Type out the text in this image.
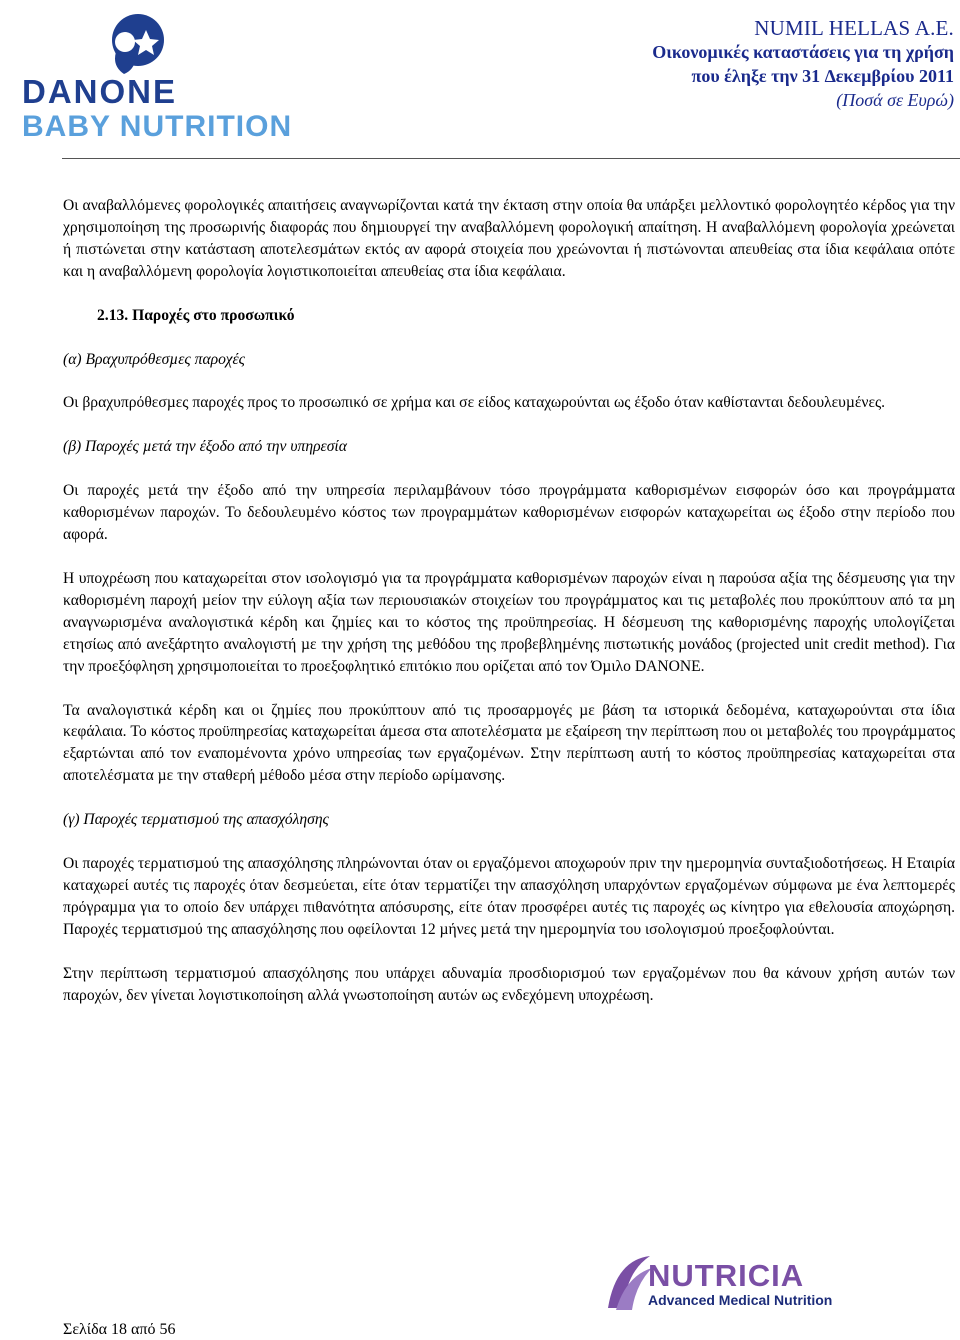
DANONE
BABY NUTRITION
NUMIL HELLAS A.E.
Οικονοµικές καταστάσεις για τη χρήση
που έληξε την 31 ∆εκεµβρίου 2011
(Ποσά σε Ευρώ)

Οι αναβαλλόµενες φορολογικές απαιτήσεις αναγνωρίζονται κατά την έκταση στην οποία θα υπάρξει µελλοντικό φορολογητέο κέρδος για την χρησιµοποίηση της προσωρινής διαφοράς που δηµιουργεί την αναβαλλόµενη φορολογική απαίτηση. Η αναβαλλόµενη φορολογία χρεώνεται ή πιστώνεται στην κατάσταση αποτελεσµάτων εκτός αν αφορά στοιχεία που χρεώνονται ή πιστώνονται απευθείας στα ίδια κεφάλαια οπότε και η αναβαλλόµενη φορολογία λογιστικοποιείται απευθείας στα ίδια κεφάλαια.

2.13. Παροχές στο προσωπικό

(α) Βραχυπρόθεσµες παροχές

Οι βραχυπρόθεσµες παροχές προς το προσωπικό σε χρήµα και σε είδος καταχωρούνται ως έξοδο όταν καθίστανται δεδουλευµένες.

(β) Παροχές µετά την έξοδο από την υπηρεσία

Οι παροχές µετά την έξοδο από την υπηρεσία περιλαµβάνουν τόσο προγράµµατα καθορισµένων εισφορών όσο και προγράµµατα καθορισµένων παροχών. Το δεδουλευµένο κόστος των προγραµµάτων καθορισµένων εισφορών καταχωρείται ως έξοδο στην περίοδο που αφορά.

Η υποχρέωση που καταχωρείται στον ισολογισµό για τα προγράµµατα καθορισµένων παροχών είναι η παρούσα αξία της δέσµευσης για την καθορισµένη παροχή µείον την εύλογη αξία των περιουσιακών στοιχείων του προγράµµατος και τις µεταβολές που προκύπτουν από τα µη αναγνωρισµένα αναλογιστικά κέρδη και ζηµίες και το κόστος της προϋπηρεσίας. Η δέσµευση της καθορισµένης παροχής υπολογίζεται ετησίως από ανεξάρτητο αναλογιστή µε την χρήση της µεθόδου της προβεβληµένης πιστωτικής µονάδος (projected unit credit method). Για την προεξόφληση χρησιµοποιείται το προεξοφλητικό επιτόκιο που ορίζεται από τον Όµιλο DANONE.

Τα αναλογιστικά κέρδη και οι ζηµίες που προκύπτουν από τις προσαρµογές µε βάση τα ιστορικά δεδοµένα, καταχωρούνται στα ίδια κεφάλαια. Το κόστος προϋπηρεσίας καταχωρείται άµεσα στα αποτελέσµατα µε εξαίρεση την περίπτωση που οι µεταβολές του προγράµµατος εξαρτώνται από τον εναποµένοντα χρόνο υπηρεσίας των εργαζοµένων. Στην περίπτωση αυτή το κόστος προϋπηρεσίας καταχωρείται στα αποτελέσµατα µε την σταθερή µέθοδο µέσα στην περίοδο ωρίµανσης.

(γ) Παροχές τερµατισµού της απασχόλησης

Οι παροχές τερµατισµού της απασχόλησης πληρώνονται όταν οι εργαζόµενοι αποχωρούν πριν την ηµεροµηνία συνταξιοδοτήσεως. Η Εταιρία καταχωρεί αυτές τις παροχές όταν δεσµεύεται, είτε όταν τερµατίζει την απασχόληση υπαρχόντων εργαζοµένων σύµφωνα µε ένα λεπτοµερές πρόγραµµα για το οποίο δεν υπάρχει πιθανότητα απόσυρσης, είτε όταν προσφέρει αυτές τις παροχές ως κίνητρο για εθελουσία αποχώρηση. Παροχές τερµατισµού της απασχόλησης που οφείλονται 12 µήνες µετά την ηµεροµηνία του ισολογισµού προεξοφλούνται.

Στην περίπτωση τερµατισµού απασχόλησης που υπάρχει αδυναµία προσδιορισµού των εργαζοµένων που θα κάνουν χρήση αυτών των παροχών, δεν γίνεται λογιστικοποίηση αλλά γνωστοποίηση αυτών ως ενδεχόµενη υποχρέωση.

NUTRICIA
Advanced Medical Nutrition
Σελίδα 18 από 56
